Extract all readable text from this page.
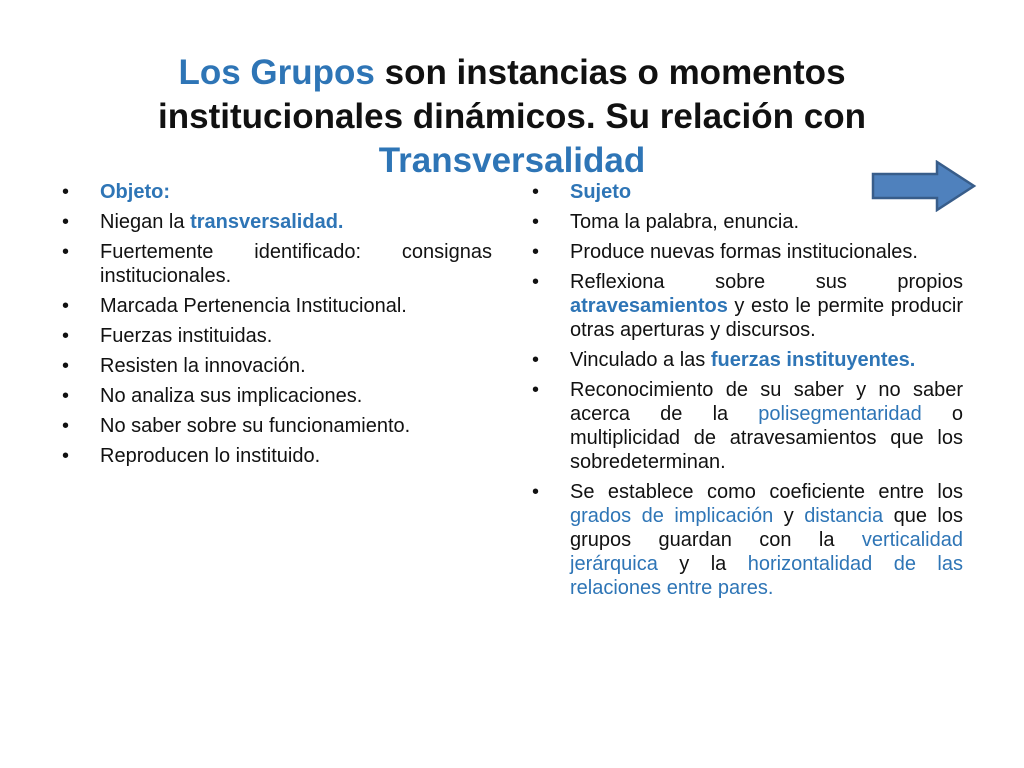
Los Grupos son instancias o momentos institucionales dinámicos. Su relación con Transversalidad
• Objeto:
• Niegan la transversalidad.
• Fuertemente identificado: consignas institucionales.
• Marcada Pertenencia Institucional.
• Fuerzas instituidas.
• Resisten la innovación.
• No analiza sus implicaciones.
• No saber sobre su funcionamiento.
• Reproducen lo instituido.
• Sujeto
• Toma la palabra, enuncia.
• Produce nuevas formas institucionales.
• Reflexiona sobre sus propios atravesamientos y esto le permite producir otras aperturas y discursos.
• Vinculado a las fuerzas instituyentes.
• Reconocimiento de su saber y no saber acerca de la polisegmentaridad o multiplicidad de atravesamientos que los sobredeterminan.
• Se establece como coeficiente entre los grados de implicación y distancia que los grupos guardan con la verticalidad jerárquica y la horizontalidad de las relaciones entre pares.
